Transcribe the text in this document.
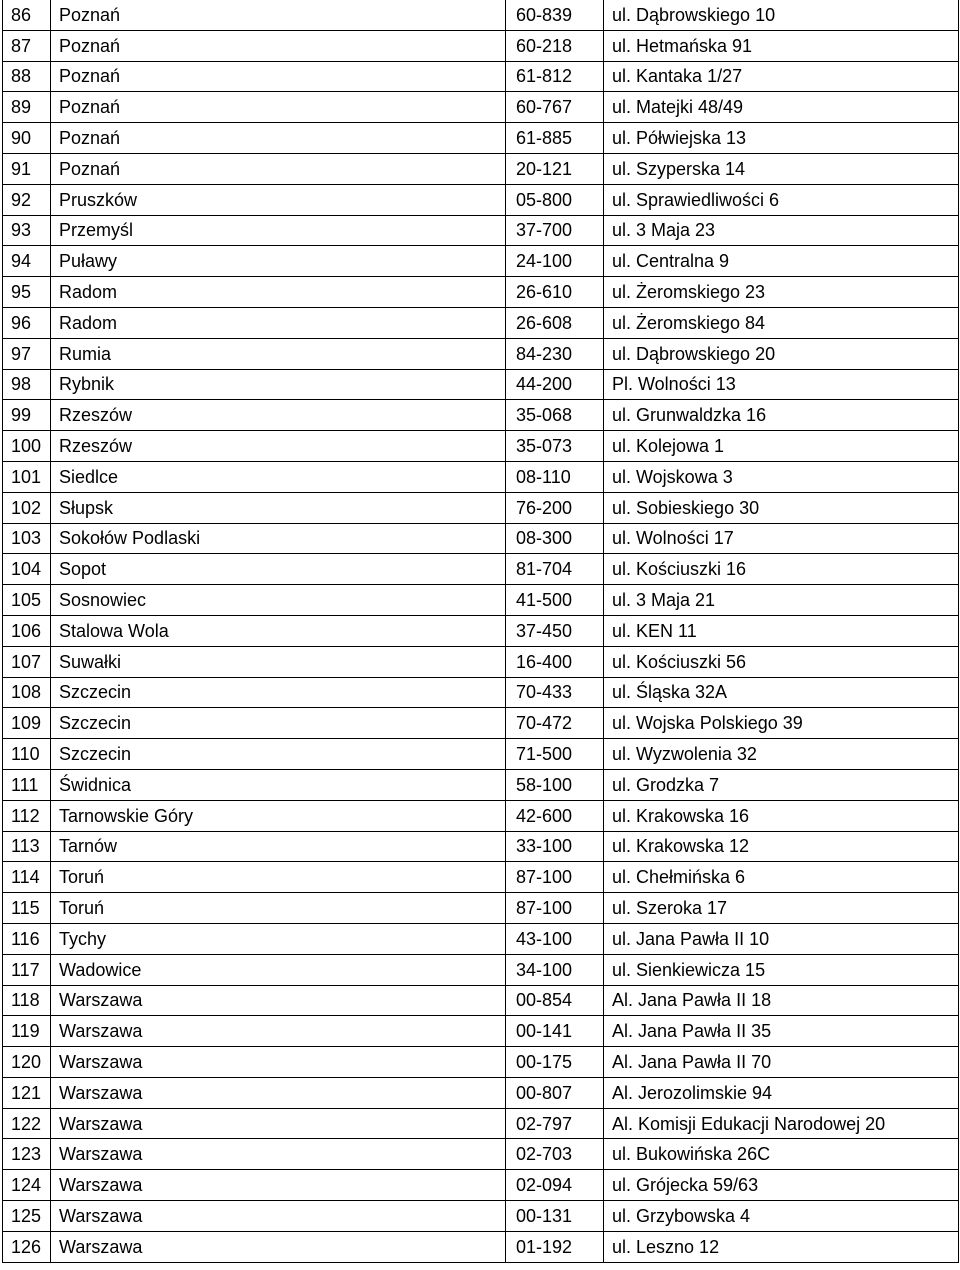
86	Poznań	60-839	ul. Dąbrowskiego 10
87	Poznań	60-218	ul. Hetmańska 91
88	Poznań	61-812	ul. Kantaka 1/27
89	Poznań	60-767	ul. Matejki 48/49
90	Poznań	61-885	ul. Półwiejska 13
91	Poznań	20-121	ul. Szyperska 14
92	Pruszków	05-800	ul. Sprawiedliwości 6
93	Przemyśl	37-700	ul. 3 Maja 23
94	Puławy	24-100	ul. Centralna 9
95	Radom	26-610	ul. Żeromskiego 23
96	Radom	26-608	ul. Żeromskiego 84
97	Rumia	84-230	ul. Dąbrowskiego 20
98	Rybnik	44-200	Pl. Wolności 13
99	Rzeszów	35-068	ul. Grunwaldzka 16
100	Rzeszów	35-073	ul. Kolejowa 1
101	Siedlce	08-110	ul. Wojskowa 3
102	Słupsk	76-200	ul. Sobieskiego 30
103	Sokołów Podlaski	08-300	ul. Wolności 17
104	Sopot	81-704	ul. Kościuszki 16
105	Sosnowiec	41-500	ul. 3 Maja 21
106	Stalowa Wola	37-450	ul. KEN 11
107	Suwałki	16-400	ul. Kościuszki 56
108	Szczecin	70-433	ul. Śląska 32A
109	Szczecin	70-472	ul. Wojska Polskiego 39
110	Szczecin	71-500	ul. Wyzwolenia 32
111	Świdnica	58-100	ul. Grodzka 7
112	Tarnowskie Góry	42-600	ul. Krakowska 16
113	Tarnów	33-100	ul. Krakowska 12
114	Toruń	87-100	ul. Chełmińska 6
115	Toruń	87-100	ul. Szeroka 17
116	Tychy	43-100	ul. Jana Pawła II 10
117	Wadowice	34-100	ul. Sienkiewicza 15
118	Warszawa	00-854	Al. Jana Pawła II 18
119	Warszawa	00-141	Al. Jana Pawła II 35
120	Warszawa	00-175	Al. Jana Pawła II 70
121	Warszawa	00-807	Al. Jerozolimskie 94
122	Warszawa	02-797	Al. Komisji Edukacji Narodowej 20
123	Warszawa	02-703	ul. Bukowińska 26C
124	Warszawa	02-094	ul. Grójecka 59/63
125	Warszawa	00-131	ul. Grzybowska 4
126	Warszawa	01-192	ul. Leszno 12
